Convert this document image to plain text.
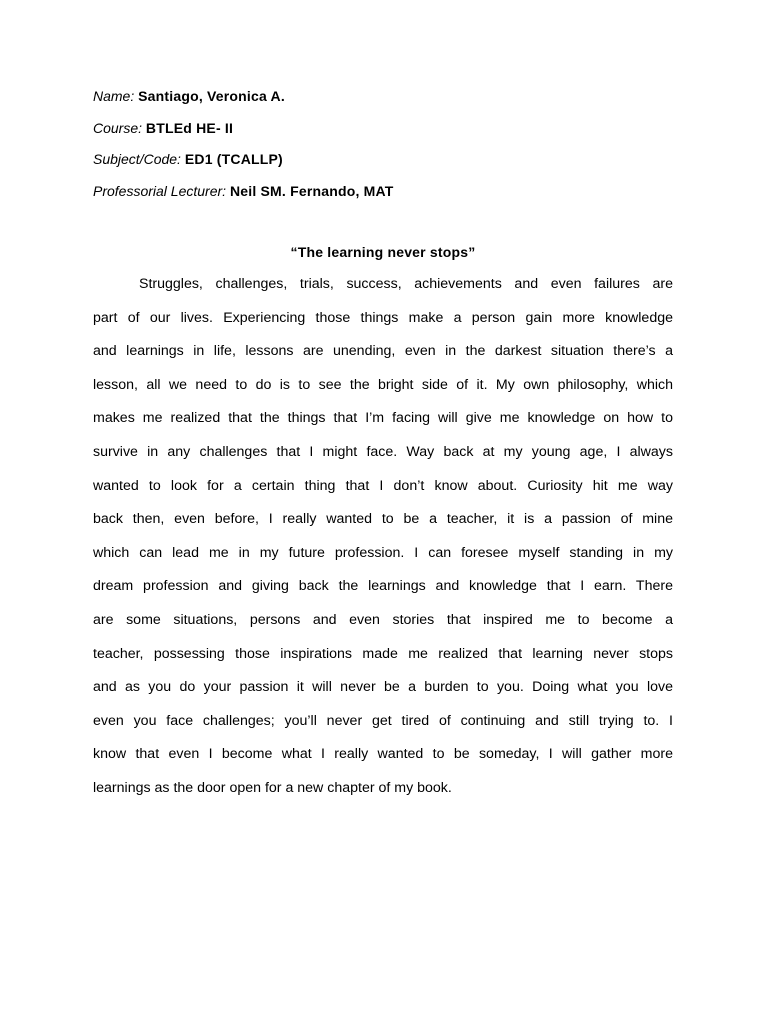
Name: Santiago, Veronica A.
Course: BTLEd HE- II
Subject/Code: ED1 (TCALLP)
Professorial Lecturer: Neil SM. Fernando, MAT
“The learning never stops”
Struggles, challenges, trials, success, achievements and even failures are
part of our lives. Experiencing those things make a person gain more knowledge
and learnings in life, lessons are unending, even in the darkest situation there’s a
lesson, all we need to do is to see the bright side of it. My own philosophy, which
makes me realized that the things that I’m facing will give me knowledge on how to
survive in any challenges that I might face. Way back at my young age, I always
wanted to look for a certain thing that I don’t know about. Curiosity hit me way
back then, even before, I really wanted to be a teacher, it is a passion of mine
which can lead me in my future profession. I can foresee myself standing in my
dream profession and giving back the learnings and knowledge that I earn. There
are some situations, persons and even stories that inspired me to become a
teacher, possessing those inspirations made me realized that learning never stops
and as you do your passion it will never be a burden to you. Doing what you love
even you face challenges; you’ll never get tired of continuing and still trying to. I
know that even I become what I really wanted to be someday, I will gather more
learnings as the door open for a new chapter of my book.
